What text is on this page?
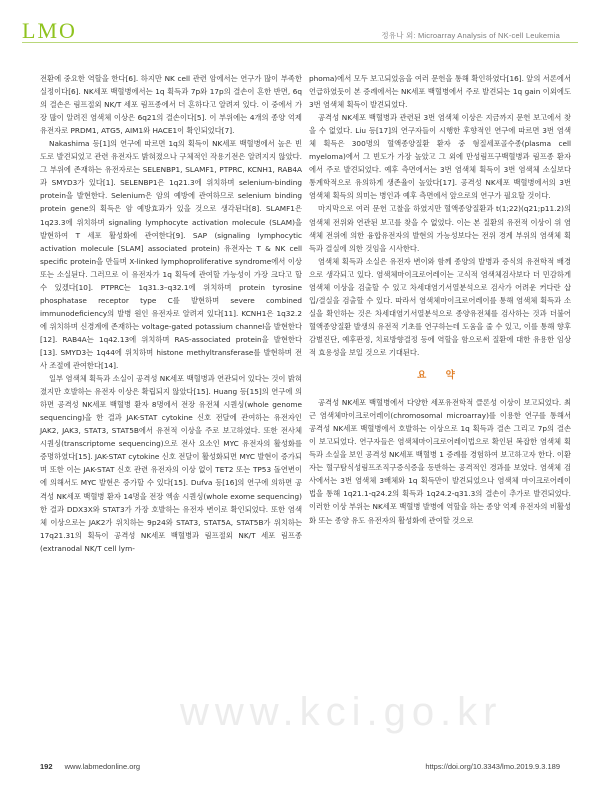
LMO	정유나 외: Microarray Analysis of NK-cell Leukemia

전환에 중요한 역할을 한다[6]. 하지만 NK cell 관련 암에서는 연구가 많이 부족한 실정이다[6]. NK세포 백혈병에서는 1q 획득과 7p와 17p의 결손이 흔한 반면, 6q의 결손은 림프절외 NK/T 세포 림프종에서 더 흔하다고 알려져 있다. 이 중에서 가장 많이 알려진 염색체 이상은 6q21의 결손이다[5]. 이 부위에는 4개의 종양 억제 유전자로 PRDM1, ATG5, AIM1와 HACE1이 확인되었다[7].

Nakashima 등[1]의 연구에 따르면 1q의 획득이 NK세포 백혈병에서 높은 빈도로 발견되었고 관련 유전자도 밝혀졌으나 구체적인 작용기전은 알려지지 않았다. 그 부위에 존재하는 유전자로는 SELENBP1, SLAMF1, PTPRC, KCNH1, RAB4A과 SMYD3가 있다[1]. SELENBP1은 1q21.3에 위치하며 selenium-binding protein을 발현한다. Selenium은 암의 예방에 관여하므로 selenium binding protein gene의 획득은 암 예방효과가 있을 것으로 생각된다[8]. SLAMF1은 1q23.3에 위치하며 signaling lymphocyte activation molecule (SLAM)을 발현하여 T 세포 활성화에 관여한다[9]. SAP (signaling lymphocytic activation molecule [SLAM] associated protein) 유전자는 T & NK cell specific protein을 만들며 X-linked lymphoproliferative syndrome에서 이상 또는 소실된다. 그러므로 이 유전자가 1q 획득에 관여할 가능성이 가장 크다고 할 수 있겠다[10]. PTPRC는 1q31.3–q32.1에 위치하며 protein tyrosine phosphatase receptor type C를 발현하며 severe combined immunodeficiency의 발병 원인 유전자로 알려져 있다[11]. KCNH1은 1q32.2에 위치하며 신경계에 존재하는 voltage-gated potassium channel을 발현한다[12]. RAB4A는 1q42.13에 위치하며 RAS-associated protein을 발현한다[13]. SMYD3는 1q44에 위치하며 histone methyltransferase를 발현하며 전사 조절에 관여한다[14].

일부 염색체 획득과 소실이 공격성 NK세포 백혈병과 연관되어 있다는 것이 밝혀졌지만 호발하는 유전자 이상은 확립되지 않았다[15]. Huang 등[15]의 연구에 의하면 공격성 NK세포 백혈병 환자 8명에서 전장 유전체 시퀀싱(whole genome sequencing)을 한 결과 JAK-STAT cytokine 신호 전달에 관여하는 유전자인 JAK2, JAK3, STAT3, STAT5B에서 유전적 이상을 주로 보고하였다. 또한 전사체 시퀀싱(transcriptome sequencing)으로 전사 요소인 MYC 유전자의 활성화를 증명하였다[15]. JAK-STAT cytokine 신호 전달이 활성화되면 MYC 발현이 증가되며 또한 이는 JAK-STAT 신호 관련 유전자의 이상 없이 TET2 또는 TP53 돌연변이에 의해서도 MYC 발현은 증가할 수 있다[15]. Dufva 등[16]의 연구에 의하면 공격성 NK세포 백혈병 환자 14명을 전장 엑솜 시퀀싱(whole exome sequencing)한 결과 DDX3X와 STAT3가 가장 호발하는 유전자 변이로 확인되었다. 또한 염색체 이상으로는 JAK2가 위치하는 9p24와 STAT3, STAT5A, STAT5B가 위치하는 17q21.31의 획득이 공격성 NK세포 백혈병과 림프절외 NK/T 세포 림프종(extranodal NK/T cell lym-

phoma)에서 모두 보고되었음을 여러 문헌을 통해 확인하였다[16]. 앞의 서론에서 언급하였듯이 본 증례에서는 NK세포 백혈병에서 주로 발견되는 1q gain 이외에도 3번 염색체 획득이 발견되었다.

공격성 NK세포 백혈병과 관련된 3번 염색체 이상은 지금까지 문헌 보고에서 찾을 수 없었다. Liu 등[17]의 연구자들이 시행한 후향적인 연구에 따르면 3번 염색체 획득은 300명의 혈액종양질환 환자 중 형질세포골수종(plasma cell myeloma)에서 그 빈도가 가장 높았고 그 외에 만성림프구백혈병과 림프종 환자에서 주로 발견되었다. 예후 측면에서는 3번 염색체 획득이 3번 염색체 소실보다 통계학적으로 유의하게 생존율이 높았다[17]. 공격성 NK세포 백혈병에서의 3번 염색체 획득의 의미는 병인과 예후 측면에서 앞으로의 연구가 필요할 것이다.

마지막으로 여러 문헌 고찰을 하였지만 혈액종양질환과 t(1;22)(q21;p11.2)의 염색체 전위와 연관된 보고를 찾을 수 없었다. 이는 본 질환의 유전적 이상이 위 염색체 전위에 의한 융합유전자의 발현의 가능성보다는 전위 경계 부위의 염색체 획득과 결실에 의한 것임을 시사한다.

염색체 획득과 소실은 유전자 변이와 함께 종양의 발병과 증식의 유전학적 배경으로 생각되고 있다. 염색체마이크로어레이는 고식적 염색체검사보다 더 민감하게 염색체 이상을 검출할 수 있고 차세대염기서열분석으로 검사가 어려운 커다란 삽입/결실을 검출할 수 있다. 따라서 염색체마이크로어레이를 통해 염색체 획득과 소실을 확인하는 것은 차세대염기서열분석으로 종양유전체를 검사하는 것과 더불어 혈액종양질환 발생의 유전적 기초를 연구하는데 도움을 줄 수 있고, 이를 통해 향후 감별진단, 예후판정, 치료방향결정 등에 역할을 함으로써 질환에 대한 유용한 임상적 효용성을 보일 것으로 기대된다.

요 약

공격성 NK세포 백혈병에서 다양한 세포유전학적 클론성 이상이 보고되었다. 최근 염색체마이크로어레이(chromosomal microarray)를 이용한 연구를 통해서 공격성 NK세포 백혈병에서 호발하는 이상으로 1q 획득과 결손 그리고 7p의 결손이 보고되었다. 연구자들은 염색체마이크로어레이법으로 확인된 복잡한 염색체 획득과 소실을 보인 공격성 NK세포 백혈병 1 증례를 경험하여 보고하고자 한다. 이환자는 혈구탐식성림프조직구증식증을 동반하는 공격적인 경과를 보였다. 염색체 검사에서는 3번 염색체 3배체와 1q 획득만이 발견되었으나 염색체 마이크로어레이법을 통해 1q21.1-q24.2의 획득과 1q24.2-q31.3의 결손이 추가로 발견되었다. 이러한 이상 부위는 NK세포 백혈병 발병에 역할을 하는 종양 억제 유전자의 비활성화 또는 종양 유도 유전자의 활성화에 관여할 것으로

www.kci.go.kr
192 www.labmedonline.org	https://doi.org/10.3343/lmo.2019.9.3.189
